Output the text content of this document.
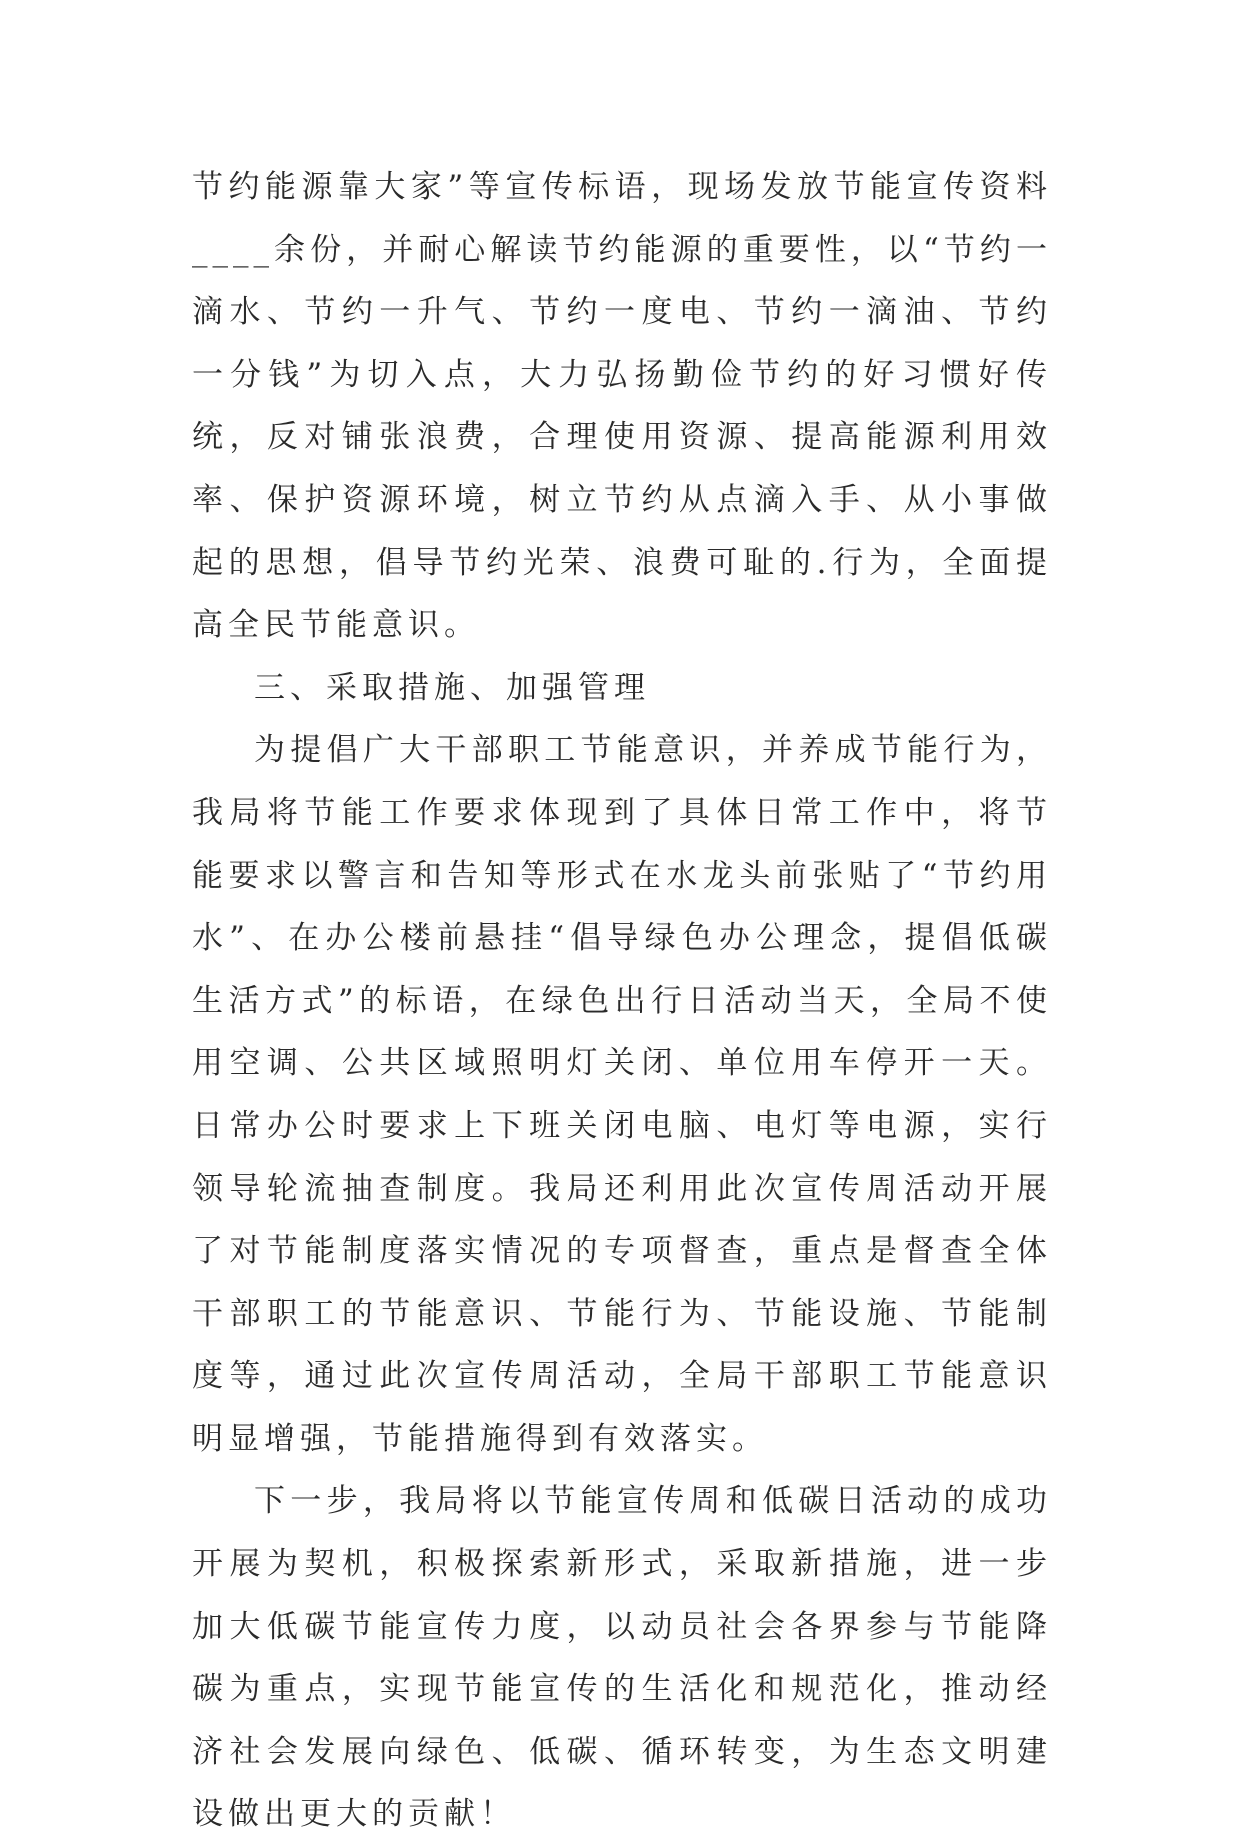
节约能源靠大家”等宣传标语，现场发放节能宣传资料____余份，并耐心解读节约能源的重要性，以“节约一滴水、节约一升气、节约一度电、节约一滴油、节约一分钱”为切入点，大力弘扬勤俭节约的好习惯好传统，反对铺张浪费，合理使用资源、提高能源利用效率、保护资源环境，树立节约从点滴入手、从小事做起的思想，倡导节约光荣、浪费可耻的.行为，全面提高全民节能意识。

三、采取措施、加强管理

为提倡广大干部职工节能意识，并养成节能行为，我局将节能工作要求体现到了具体日常工作中，将节能要求以警言和告知等形式在水龙头前张贴了“节约用水”、在办公楼前悬挂“倡导绿色办公理念，提倡低碳生活方式”的标语，在绿色出行日活动当天，全局不使用空调、公共区域照明灯关闭、单位用车停开一天。日常办公时要求上下班关闭电脑、电灯等电源，实行领导轮流抽查制度。我局还利用此次宣传周活动开展了对节能制度落实情况的专项督查，重点是督查全体干部职工的节能意识、节能行为、节能设施、节能制度等，通过此次宣传周活动，全局干部职工节能意识明显增强，节能措施得到有效落实。

下一步，我局将以节能宣传周和低碳日活动的成功开展为契机，积极探索新形式，采取新措施，进一步加大低碳节能宣传力度，以动员社会各界参与节能降碳为重点，实现节能宣传的生活化和规范化，推动经济社会发展向绿色、低碳、循环转变，为生态文明建设做出更大的贡献！
